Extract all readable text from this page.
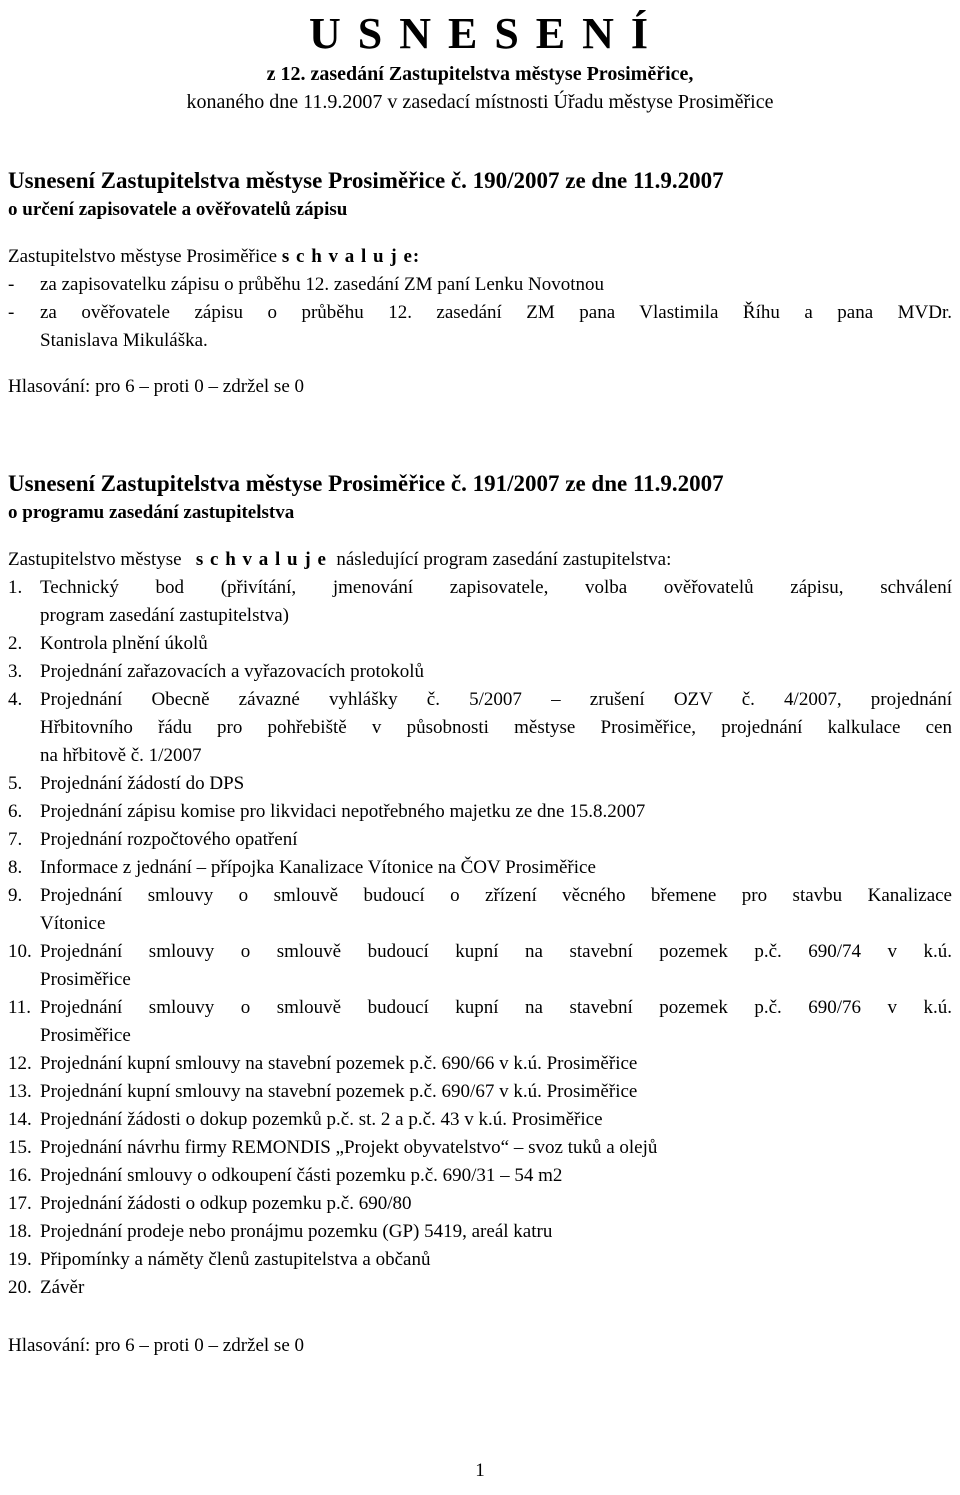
U S N E S E N Í
z 12. zasedání Zastupitelstva městyse Prosiměřice,
konaného dne 11.9.2007 v zasedací místnosti Úřadu městyse Prosiměřice
Usnesení Zastupitelstva městyse Prosiměřice č. 190/2007 ze dne 11.9.2007
o určení zapisovatele a ověřovatelů zápisu
Zastupitelstvo městyse Prosiměřice s c h v a l u j e:
-	za zapisovatelku zápisu o průběhu 12. zasedání ZM paní Lenku Novotnou
-	za ověřovatele zápisu o průběhu 12. zasedání ZM pana Vlastimila Říhu a pana MVDr.
Stanislava Mikuláška.
Hlasování: pro 6 – proti 0 – zdržel se 0
Usnesení Zastupitelstva městyse Prosiměřice č. 191/2007 ze dne 11.9.2007
o programu zasedání zastupitelstva
Zastupitelstvo městyse   s c h v a l u j e  následující program zasedání zastupitelstva:
1. Technický bod (přivítání, jmenování zapisovatele, volba ověřovatelů zápisu, schválení
program zasedání zastupitelstva)
2. Kontrola plnění úkolů
3. Projednání zařazovacích a vyřazovacích protokolů
4. Projednání Obecně závazné vyhlášky č. 5/2007 – zrušení OZV č. 4/2007, projednání
Hřbitovního řádu pro pohřebiště v působnosti městyse Prosiměřice, projednání kalkulace cen
na hřbitově č. 1/2007
5. Projednání žádostí do DPS
6. Projednání zápisu komise pro likvidaci nepotřebného majetku ze dne 15.8.2007
7. Projednání rozpočtového opatření
8. Informace z jednání – přípojka Kanalizace Vítonice na ČOV Prosiměřice
9. Projednání smlouvy o smlouvě budoucí o zřízení věcného břemene pro stavbu Kanalizace
Vítonice
10. Projednání smlouvy o smlouvě budoucí kupní na stavební pozemek p.č. 690/74 v k.ú.
Prosiměřice
11. Projednání smlouvy o smlouvě budoucí kupní na stavební pozemek p.č. 690/76 v k.ú.
Prosiměřice
12. Projednání kupní smlouvy na stavební pozemek p.č. 690/66 v k.ú. Prosiměřice
13. Projednání kupní smlouvy na stavební pozemek p.č. 690/67 v k.ú. Prosiměřice
14. Projednání žádosti o dokup pozemků p.č. st. 2 a p.č. 43 v k.ú. Prosiměřice
15. Projednání návrhu firmy REMONDIS „Projekt obyvatelstvo“ – svoz tuků a olejů
16. Projednání smlouvy o odkoupení části pozemku p.č. 690/31 – 54 m2
17. Projednání žádosti o odkup pozemku p.č. 690/80
18. Projednání prodeje nebo pronájmu pozemku (GP) 5419, areál katru
19. Připomínky a náměty členů zastupitelstva a občanů
20. Závěr
Hlasování: pro 6 – proti 0 – zdržel se 0
1
